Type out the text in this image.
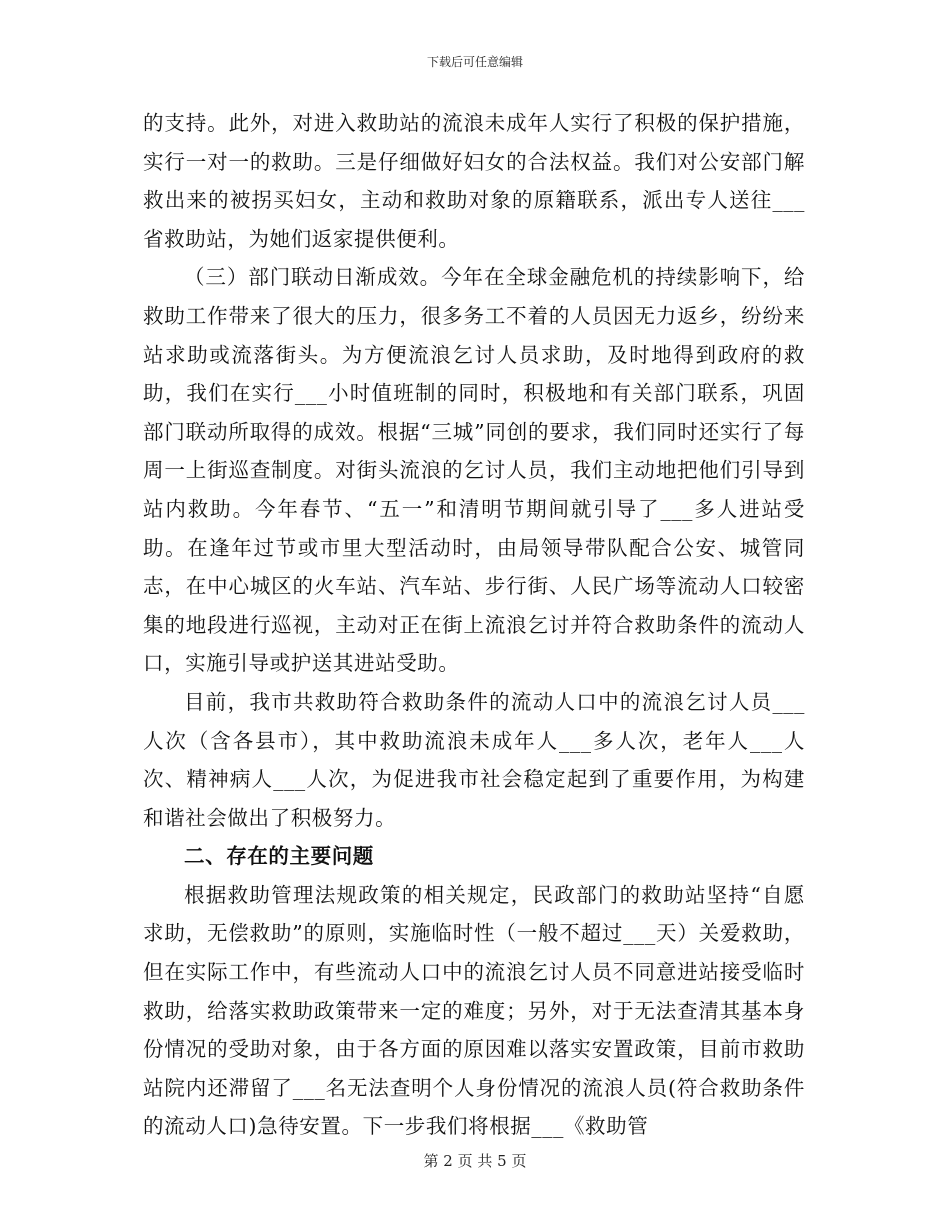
下载后可任意编辑

的支持。此外，对进入救助站的流浪未成年人实行了积极的保护措施，实行一对一的救助。三是仔细做好妇女的合法权益。我们对公安部门解救出来的被拐买妇女，主动和救助对象的原籍联系，派出专人送往___省救助站，为她们返家提供便利。

（三）部门联动日渐成效。今年在全球金融危机的持续影响下，给救助工作带来了很大的压力，很多务工不着的人员因无力返乡，纷纷来站求助或流落街头。为方便流浪乞讨人员求助，及时地得到政府的救助，我们在实行___小时值班制的同时，积极地和有关部门联系，巩固部门联动所取得的成效。根据“三城”同创的要求，我们同时还实行了每周一上街巡查制度。对街头流浪的乞讨人员，我们主动地把他们引导到站内救助。今年春节、“五一”和清明节期间就引导了___多人进站受助。在逢年过节或市里大型活动时，由局领导带队配合公安、城管同志，在中心城区的火车站、汽车站、步行街、人民广场等流动人口较密集的地段进行巡视，主动对正在街上流浪乞讨并符合救助条件的流动人口，实施引导或护送其进站受助。

目前，我市共救助符合救助条件的流动人口中的流浪乞讨人员___人次（含各县市），其中救助流浪未成年人___多人次，老年人___人次、精神病人___人次，为促进我市社会稳定起到了重要作用，为构建和谐社会做出了积极努力。

二、存在的主要问题

根据救助管理法规政策的相关规定，民政部门的救助站坚持“自愿求助，无偿救助”的原则，实施临时性（一般不超过___天）关爱救助，但在实际工作中，有些流动人口中的流浪乞讨人员不同意进站接受临时救助，给落实救助政策带来一定的难度；另外，对于无法查清其基本身份情况的受助对象，由于各方面的原因难以落实安置政策，目前市救助站院内还滞留了___名无法查明个人身份情况的流浪人员(符合救助条件的流动人口)急待安置。下一步我们将根据___《救助管

第 2 页 共 5 页
